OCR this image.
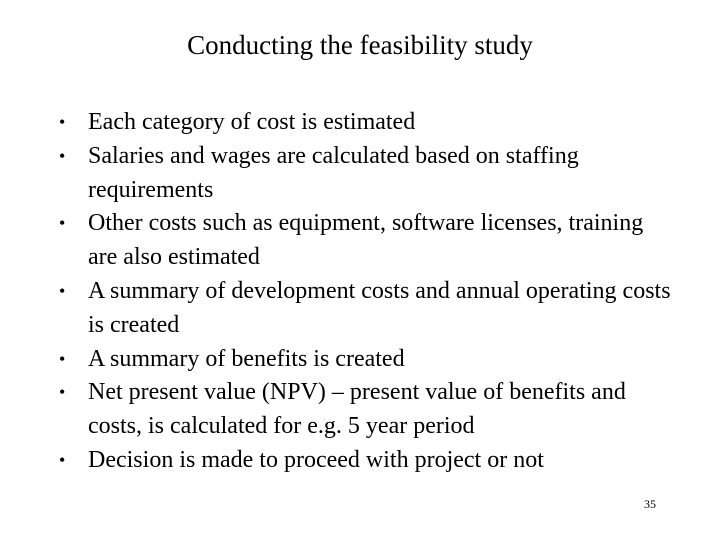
Conducting the feasibility study
• Each category of cost is estimated
• Salaries and wages are calculated based on staffing requirements
• Other costs such as equipment, software licenses, training are also estimated
• A summary of development costs and annual operating costs is created
• A summary of benefits is created
• Net present value (NPV) – present value of benefits and costs, is calculated for e.g. 5 year period
• Decision is made to proceed with project or not
35
